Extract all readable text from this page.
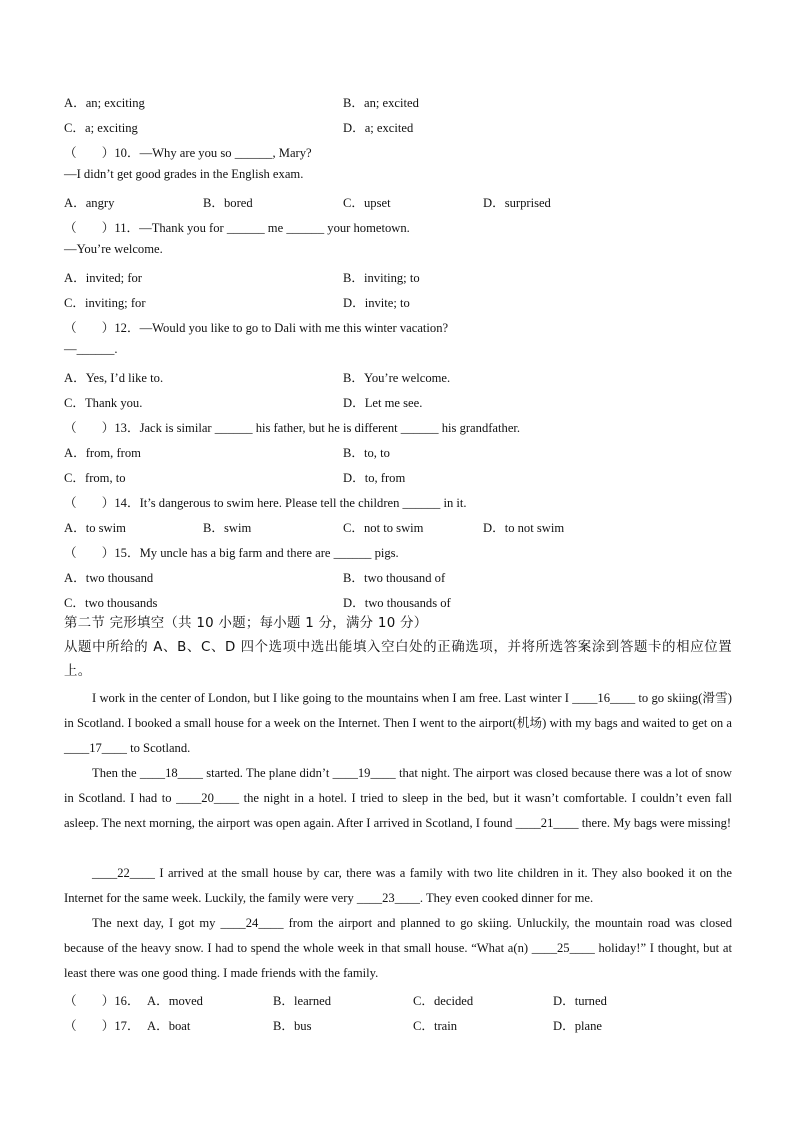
A．an; exciting	B．an; excited
C．a; exciting	D．a; excited
（　　）10．—Why are you so ______, Mary?
—I didn’t get good grades in the English exam.
A．angry	B．bored	C．upset	D．surprised
（　　）11．—Thank you for ______ me ______ your hometown.
—You’re welcome.
A．invited; for	B．inviting; to
C．inviting; for	D．invite; to
（　　）12．—Would you like to go to Dali with me this winter vacation?
—______.
A．Yes, I’d like to.	B．You’re welcome.
C．Thank you.	D．Let me see.
（　　）13．Jack is similar ______ his father, but he is different ______ his grandfather.
A．from, from	B．to, to
C．from, to	D．to, from
（　　）14．It’s dangerous to swim here. Please tell the children ______ in it.
A．to swim	B．swim	C．not to swim	D．to not swim
（　　）15．My uncle has a big farm and there are ______ pigs.
A．two thousand	B．two thousand of
C．two thousands	D．two thousands of
第二节 完形填空（共 10 小题；每小题 1 分，满分 10 分）
从题中所给的 A、B、C、D 四个选项中选出能填入空白处的正确选项，并将所选答案涂到答题卡的相应位置上。
I work in the center of London, but I like going to the mountains when I am free. Last winter I ____16____ to go skiing(滑雪) in Scotland. I booked a small house for a week on the Internet. Then I went to the airport(机场) with my bags and waited to get on a ____17____ to Scotland.
Then the ____18____ started. The plane didn’t ____19____ that night. The airport was closed because there was a lot of snow in Scotland. I had to ____20____ the night in a hotel. I tried to sleep in the bed, but it wasn’t comfortable. I couldn’t even fall asleep. The next morning, the airport was open again. After I arrived in Scotland, I found ____21____ there. My bags were missing!
____22____ I arrived at the small house by car, there was a family with two lite children in it. They also booked it on the Internet for the same week. Luckily, the family were very ____23____. They even cooked dinner for me.
The next day, I got my ____24____ from the airport and planned to go skiing. Unluckily, the mountain road was closed because of the heavy snow. I had to spend the whole week in that small house. “What a(n) ____25____ holiday!” I thought, but at least there was one good thing. I made friends with the family.
（　　）16． A．moved	B．learned	C．decided	D．turned
（　　）17． A．boat	B．bus	C．train	D．plane
